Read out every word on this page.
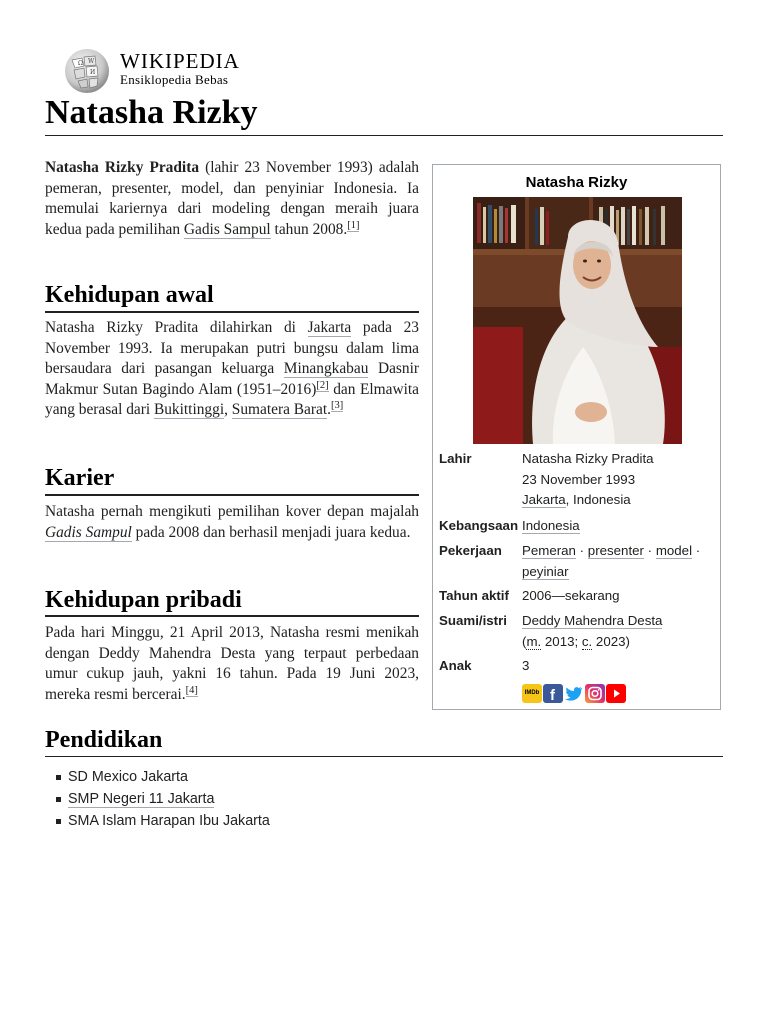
Ω W
И WIKIPEDIA
Ensiklopedia Bebas
Natasha Rizky

Natasha Rizky Pradita (lahir 23 November 1993) adalah pemeran, presenter, model, dan penyiniar Indonesia. Ia memulai kariernya dari modeling dengan meraih juara kedua pada pemilihan Gadis Sampul tahun 2008.[1]

Kehidupan awal

Natasha Rizky Pradita dilahirkan di Jakarta pada 23 November 1993. Ia merupakan putri bungsu dalam lima bersaudara dari pasangan keluarga Minangkabau Dasnir Makmur Sutan Bagindo Alam (1951–2016)[2] dan Elmawita yang berasal dari Bukittinggi, Sumatera Barat.[3]

Karier

Natasha pernah mengikuti pemilihan kover depan majalah Gadis Sampul pada 2008 dan berhasil menjadi juara kedua.

Kehidupan pribadi

Pada hari Minggu, 21 April 2013, Natasha resmi menikah dengan Deddy Mahendra Desta yang terpaut perbedaan umur cukup jauh, yakni 16 tahun. Pada 19 Juni 2023, mereka resmi bercerai.[4]

Pendidikan
SD Mexico Jakarta
SMP Negeri 11 Jakarta
SMA Islam Harapan Ibu Jakarta
Natasha Rizky
Lahir	Natasha Rizky Pradita
23 November 1993
Jakarta, Indonesia
Kebangsaan Indonesia
Pekerjaan	Pemeran · presenter · model ·
peyiniar
Tahun aktif 2006—sekarang
Suami/istri	Deddy Mahendra Desta
(m. 2013; c. 2023)
Anak	3
IMDb f
